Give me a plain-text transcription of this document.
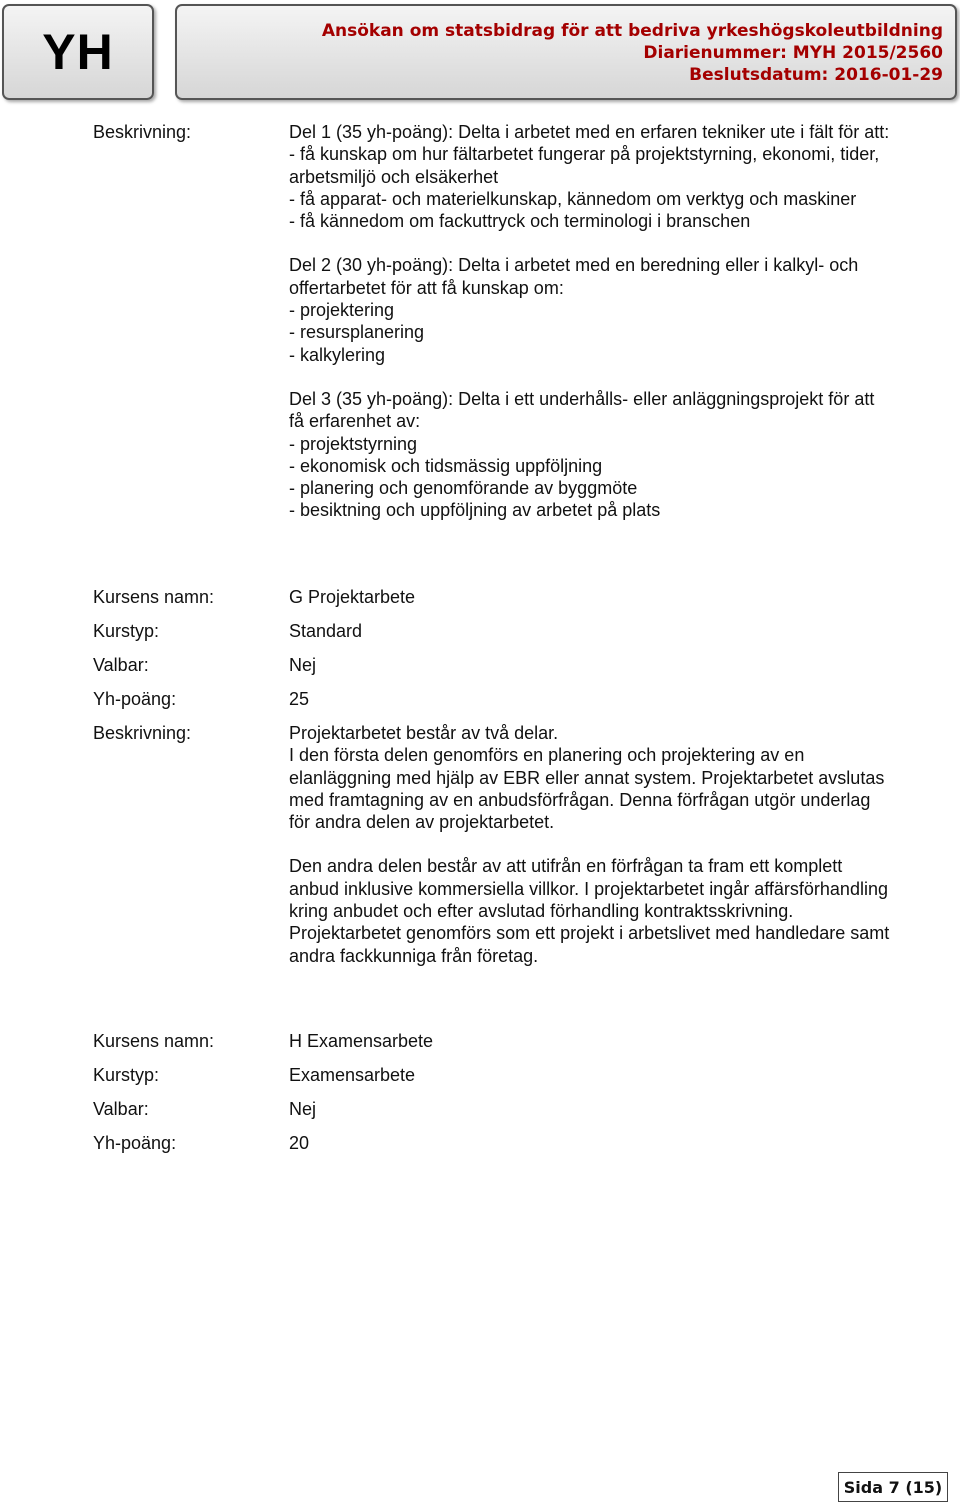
YH	Ansökan om statsbidrag för att bedriva yrkeshögskoleutbildning
Diarienummer: MYH 2015/2560
Beslutsdatum: 2016-01-29
Beskrivning:	Del 1 (35 yh-poäng): Delta i arbetet med en erfaren tekniker ute i fält för att:
- få kunskap om hur fältarbetet fungerar på projektstyrning, ekonomi, tider,
arbetsmiljö och elsäkerhet
- få apparat- och materielkunskap, kännedom om verktyg och maskiner
- få kännedom om fackuttryck och terminologi i branschen
Del 2 (30 yh-poäng): Delta i arbetet med en beredning eller i kalkyl- och
offertarbetet för att få kunskap om:
- projektering
- resursplanering
- kalkylering
Del 3 (35 yh-poäng): Delta i ett underhålls- eller anläggningsprojekt för att
få erfarenhet av:
- projektstyrning
- ekonomisk och tidsmässig uppföljning
- planering och genomförande av byggmöte
- besiktning och uppföljning av arbetet på plats
Kursens namn:	G Projektarbete
Kurstyp:	Standard
Valbar:	Nej
Yh-poäng:	25
Beskrivning:	Projektarbetet består av två delar.
I den första delen genomförs en planering och projektering av en
elanläggning med hjälp av EBR eller annat system. Projektarbetet avslutas
med framtagning av en anbudsförfrågan. Denna förfrågan utgör underlag
för andra delen av projektarbetet.
Den andra delen består av att utifrån en förfrågan ta fram ett komplett
anbud inklusive kommersiella villkor. I projektarbetet ingår affärsförhandling
kring anbudet och efter avslutad förhandling kontraktsskrivning.
Projektarbetet genomförs som ett projekt i arbetslivet med handledare samt
andra fackkunniga från företag.
Kursens namn:	H Examensarbete
Kurstyp:	Examensarbete
Valbar:	Nej
Yh-poäng:	20
Sida 7 (15)
